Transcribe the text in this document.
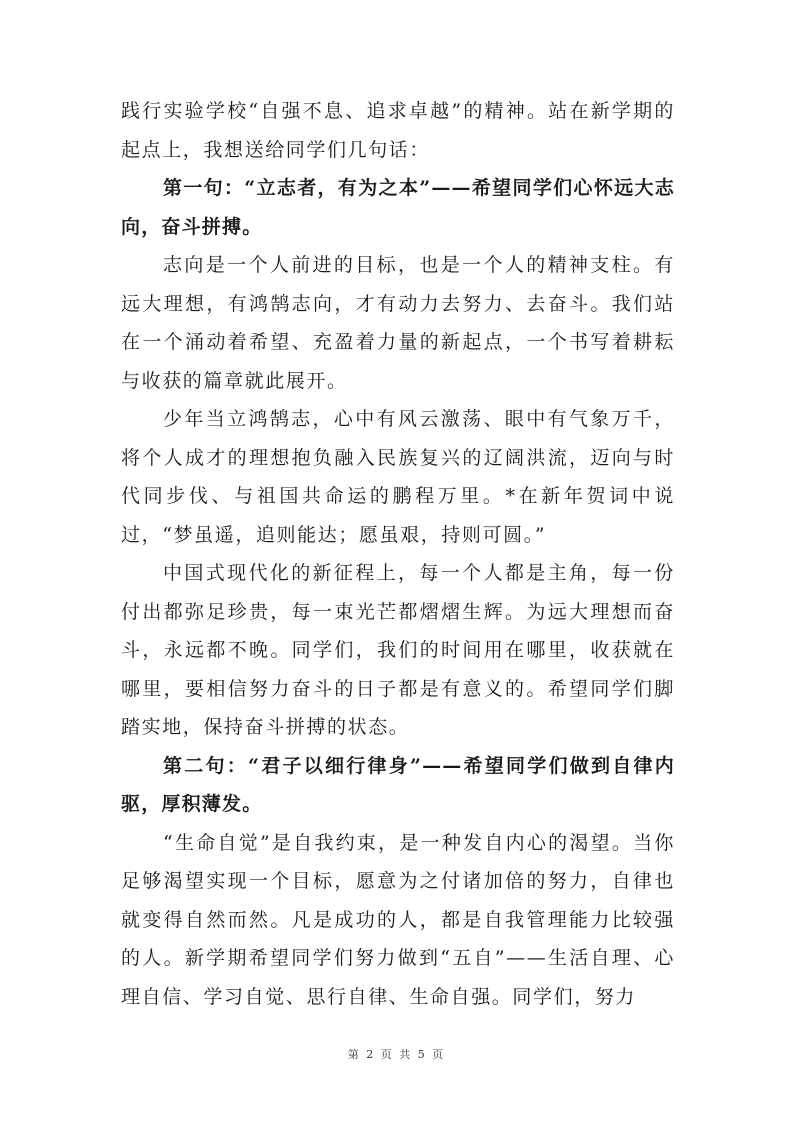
践行实验学校“自强不息、追求卓越”的精神。站在新学期的起点上，我想送给同学们几句话：

第一句：“立志者，有为之本”——希望同学们心怀远大志向，奋斗拼搏。

志向是一个人前进的目标，也是一个人的精神支柱。有远大理想，有鸿鹄志向，才有动力去努力、去奋斗。我们站在一个涌动着希望、充盈着力量的新起点，一个书写着耕耘与收获的篇章就此展开。

少年当立鸿鹄志，心中有风云激荡、眼中有气象万千，将个人成才的理想抱负融入民族复兴的辽阔洪流，迈向与时代同步伐、与祖国共命运的鹏程万里。*在新年贺词中说过，“梦虽遥，追则能达；愿虽艰，持则可圆。”

中国式现代化的新征程上，每一个人都是主角，每一份付出都弥足珍贵，每一束光芒都熠熠生辉。为远大理想而奋斗，永远都不晚。同学们，我们的时间用在哪里，收获就在哪里，要相信努力奋斗的日子都是有意义的。希望同学们脚踏实地，保持奋斗拼搏的状态。

第二句：“君子以细行律身”——希望同学们做到自律内驱，厚积薄发。

“生命自觉”是自我约束，是一种发自内心的渴望。当你足够渴望实现一个目标，愿意为之付诸加倍的努力，自律也就变得自然而然。凡是成功的人，都是自我管理能力比较强的人。新学期希望同学们努力做到“五自”——生活自理、心理自信、学习自觉、思行自律、生命自强。同学们，努力

第 2 页 共 5 页
